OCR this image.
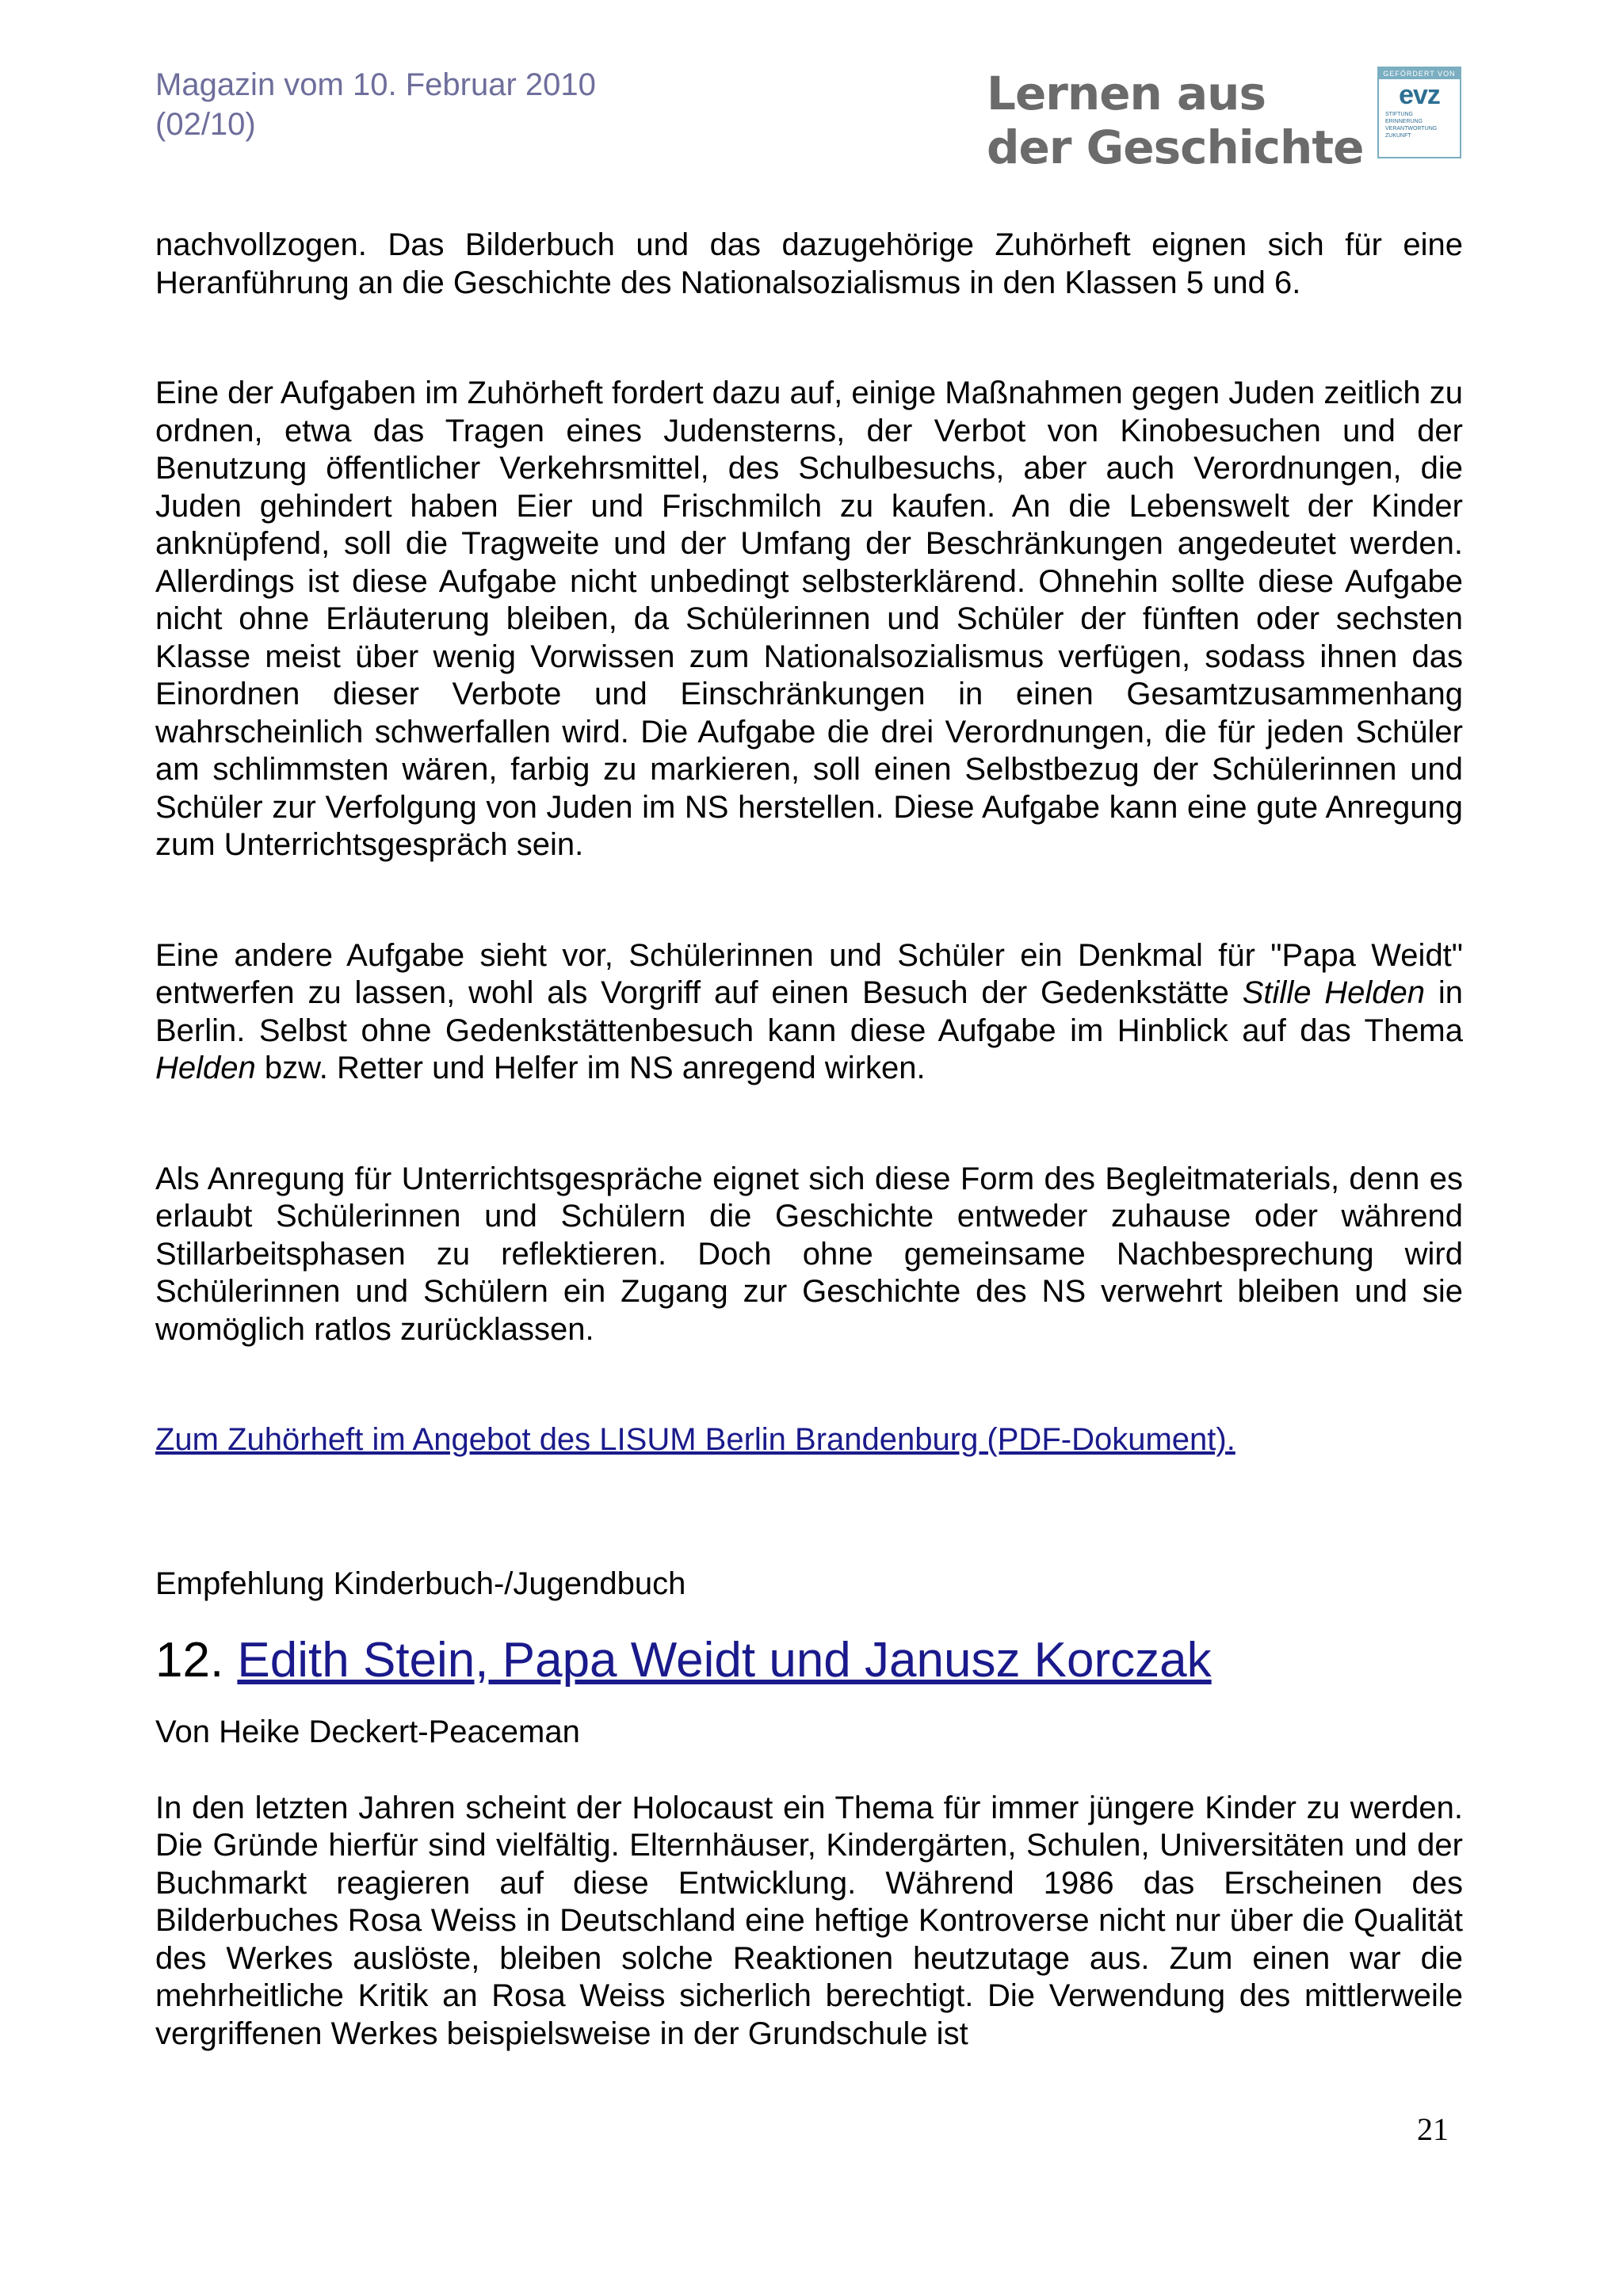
Magazin vom 10. Februar 2010
(02/10)
Lernen aus
der Geschichte
GEFÖRDERT VON
evz
STIFTUNG
ERINNERUNG
VERANTWORTUNG
ZUKUNFT

nachvollzogen. Das Bilderbuch und das dazugehörige Zuhörheft eignen sich für eine Heranführung an die Geschichte des Nationalsozialismus in den Klassen 5 und 6.

Eine der Aufgaben im Zuhörheft fordert dazu auf, einige Maßnahmen gegen Juden zeitlich zu ordnen, etwa das Tragen eines Judensterns, der Verbot von Kinobesuchen und der Benutzung öffentlicher Verkehrsmittel, des Schulbesuchs, aber auch Verordnungen, die Juden gehindert haben Eier und Frischmilch zu kaufen. An die Lebenswelt der Kinder anknüpfend, soll die Tragweite und der Umfang der Beschränkungen angedeutet werden. Allerdings ist diese Aufgabe nicht unbedingt selbsterklärend. Ohnehin sollte diese Aufgabe nicht ohne Erläuterung bleiben, da Schülerinnen und Schüler der fünften oder sechsten Klasse meist über wenig Vorwissen zum Nationalsozialismus verfügen, sodass ihnen das Einordnen dieser Verbote und Einschränkungen in einen Gesamtzusammenhang wahrscheinlich schwerfallen wird. Die Aufgabe die drei Verordnungen, die für jeden Schüler am schlimmsten wären, farbig zu markieren, soll einen Selbstbezug der Schülerinnen und Schüler zur Verfolgung von Juden im NS herstellen. Diese Aufgabe kann eine gute Anregung zum Unterrichtsgespräch sein.

Eine andere Aufgabe sieht vor, Schülerinnen und Schüler ein Denkmal für "Papa Weidt" entwerfen zu lassen, wohl als Vorgriff auf einen Besuch der Gedenkstätte Stille Helden in Berlin. Selbst ohne Gedenkstättenbesuch kann diese Aufgabe im Hinblick auf das Thema Helden bzw. Retter und Helfer im NS anregend wirken.

Als Anregung für Unterrichtsgespräche eignet sich diese Form des Begleitmaterials, denn es erlaubt Schülerinnen und Schülern die Geschichte entweder zuhause oder während Stillarbeitsphasen zu reflektieren. Doch ohne gemeinsame Nachbesprechung wird Schülerinnen und Schülern ein Zugang zur Geschichte des NS verwehrt bleiben und sie womöglich ratlos zurücklassen.

Zum Zuhörheft im Angebot des LISUM Berlin Brandenburg (PDF-Dokument).

Empfehlung Kinderbuch-/Jugendbuch

12. Edith Stein, Papa Weidt und Janusz Korczak

Von Heike Deckert-Peaceman

In den letzten Jahren scheint der Holocaust ein Thema für immer jüngere Kinder zu werden. Die Gründe hierfür sind vielfältig. Elternhäuser, Kindergärten, Schulen, Universitäten und der Buchmarkt reagieren auf diese Entwicklung. Während 1986 das Erscheinen des Bilderbuches Rosa Weiss in Deutschland eine heftige Kontroverse nicht nur über die Qualität des Werkes auslöste, bleiben solche Reaktionen heutzutage aus. Zum einen war die mehrheitliche Kritik an Rosa Weiss sicherlich berechtigt. Die Verwendung des mittlerweile vergriffenen Werkes beispielsweise in der Grundschule ist

21
